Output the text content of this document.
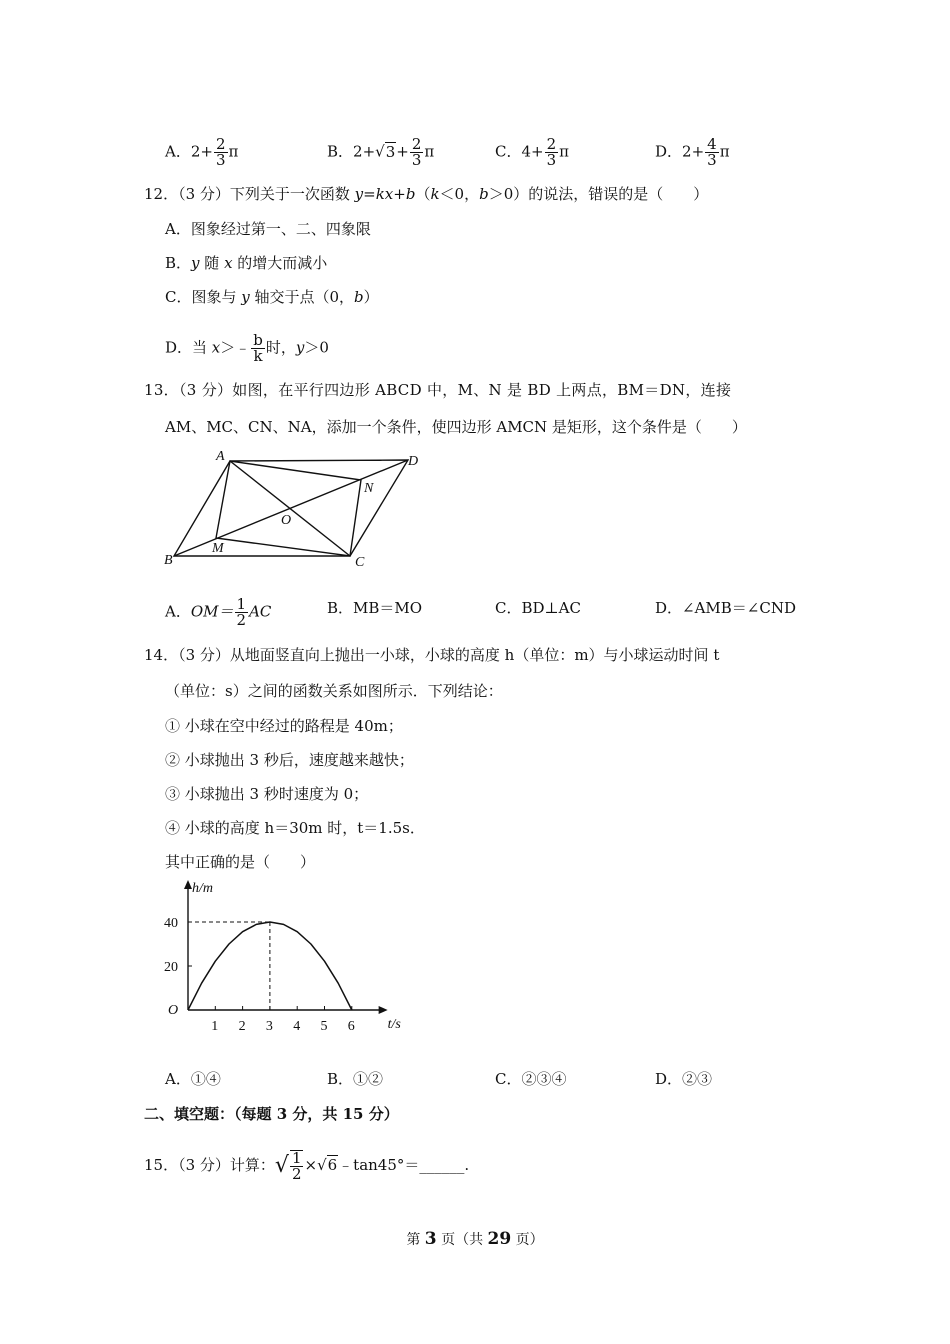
A．$2+ \frac{2}{3}$ π	B．$2+√3+ \frac{2}{3}$ π	C．$4+ \frac{2}{3}$ π	D．$2+ \frac{4}{3}$ π
12．（3 分）下列关于一次函数 y=kx+b（k＜0，b＞0）的说法，错误的是（　　）
A．图象经过第一、二、四象限
B．y 随 x 的增大而减小
C．图象与 y 轴交于点（0，b）
D．当 x＞﹣ $\frac{b}{k}$ 时，y＞0
13．（3 分）如图，在平行四边形 ABCD 中，M、N 是 BD 上两点，BM＝DN，连接
AM、MC、CN、NA，添加一个条件，使四边形 AMCN 是矩形，这个条件是（　　）
A	D
B	C
M
N
O
A．$OM= \frac{1}{2}$ AC	B．MB＝MO	C．BD⊥AC	D．∠AMB＝∠CND
14．（3 分）从地面竖直向上抛出一小球，小球的高度 h（单位：m）与小球运动时间 t
（单位：s）之间的函数关系如图所示．下列结论：
① 小球在空中经过的路程是 40m；
② 小球抛出 3 秒后，速度越来越快；
③ 小球抛出 3 秒时速度为 0；
④ 小球的高度 h＝30m 时，t＝1.5s．
其中正确的是（　　）
t/s
h/m
O
1 2 3 4 5 6
20
40
A．①④	B．①②	C．②③④	D．②③
二、填空题：（每题 3 分，共 15 分）
15．（3 分）计算：√ $\frac{1}{2}$ ×√6﹣tan45°＝______.
第 3 页（共 29 页）
